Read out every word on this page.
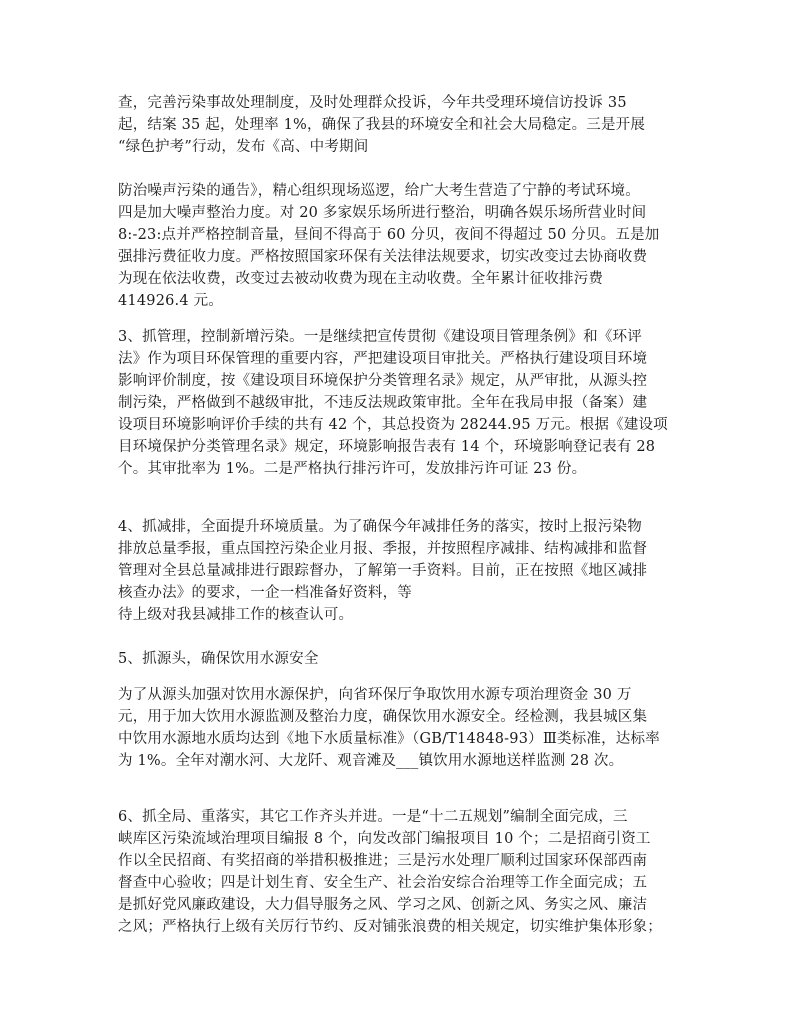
查，完善污染事故处理制度，及时处理群众投诉，今年共受理环境信访投诉 35
起，结案 35 起，处理率 1%，确保了我县的环境安全和社会大局稳定。三是开展
“绿色护考”行动，发布《高、中考期间
防治噪声污染的通告》，精心组织现场巡逻，给广大考生营造了宁静的考试环境。
四是加大噪声整治力度。对 20 多家娱乐场所进行整治，明确各娱乐场所营业时间
8:-23:点并严格控制音量，昼间不得高于 60 分贝，夜间不得超过 50 分贝。五是加
强排污费征收力度。严格按照国家环保有关法律法规要求，切实改变过去协商收费
为现在依法收费，改变过去被动收费为现在主动收费。全年累计征收排污费
414926.4 元。
3、抓管理，控制新增污染。一是继续把宣传贯彻《建设项目管理条例》和《环评
法》作为项目环保管理的重要内容，严把建设项目审批关。严格执行建设项目环境
影响评价制度，按《建设项目环境保护分类管理名录》规定，从严审批，从源头控
制污染，严格做到不越级审批，不违反法规政策审批。全年在我局申报（备案）建
设项目环境影响评价手续的共有 42 个，其总投资为 28244.95 万元。根据《建设项
目环境保护分类管理名录》规定，环境影响报告表有 14 个，环境影响登记表有 28
个。其审批率为 1%。二是严格执行排污许可，发放排污许可证 23 份。
4、抓减排，全面提升环境质量。为了确保今年减排任务的落实，按时上报污染物
排放总量季报，重点国控污染企业月报、季报，并按照程序减排、结构减排和监督
管理对全县总量减排进行跟踪督办，了解第一手资料。目前，正在按照《地区减排
核查办法》的要求，一企一档准备好资料，等
待上级对我县减排工作的核查认可。
5、抓源头，确保饮用水源安全
为了从源头加强对饮用水源保护，向省环保厅争取饮用水源专项治理资金 30 万
元，用于加大饮用水源监测及整治力度，确保饮用水源安全。经检测，我县城区集
中饮用水源地水质均达到《地下水质量标准》（GB/T14848-93）Ⅲ类标准，达标率
为 1%。全年对潮水河、大龙阡、观音滩及___镇饮用水源地送样监测 28 次。
6、抓全局、重落实，其它工作齐头并进。一是“十二五规划”编制全面完成，三
峡库区污染流域治理项目编报 8 个，向发改部门编报项目 10 个；二是招商引资工
作以全民招商、有奖招商的举措积极推进；三是污水处理厂顺利过国家环保部西南
督查中心验收；四是计划生育、安全生产、社会治安综合治理等工作全面完成；五
是抓好党风廉政建设，大力倡导服务之风、学习之风、创新之风、务实之风、廉洁
之风；严格执行上级有关厉行节约、反对铺张浪费的相关规定，切实维护集体形象；
